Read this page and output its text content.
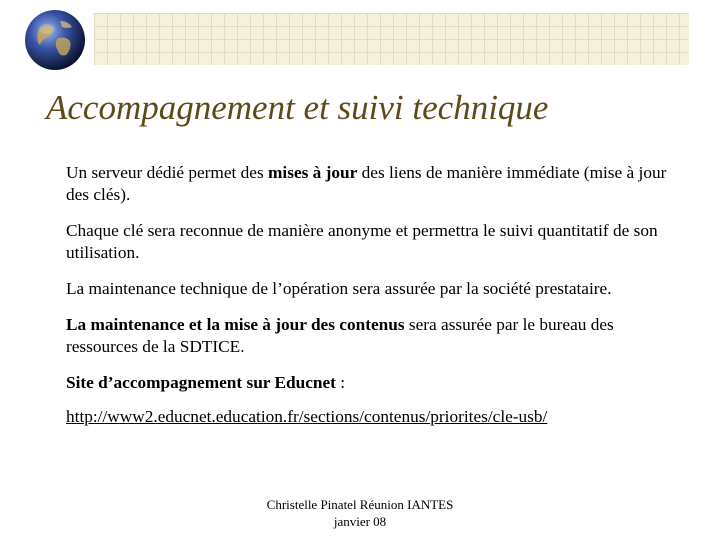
Accompagnement et suivi technique

Un serveur dédié permet des mises à jour des liens de manière immédiate (mise à jour des clés).

Chaque clé sera reconnue de manière anonyme et permettra le suivi quantitatif de son utilisation.

La maintenance technique de l’opération sera assurée par la société prestataire.

La maintenance et la mise à jour des contenus sera assurée par le bureau des ressources de la SDTICE.

Site d’accompagnement sur Educnet :

http://www2.educnet.education.fr/sections/contenus/priorites/cle-usb/

Christelle Pinatel Réunion IANTES
janvier 08
